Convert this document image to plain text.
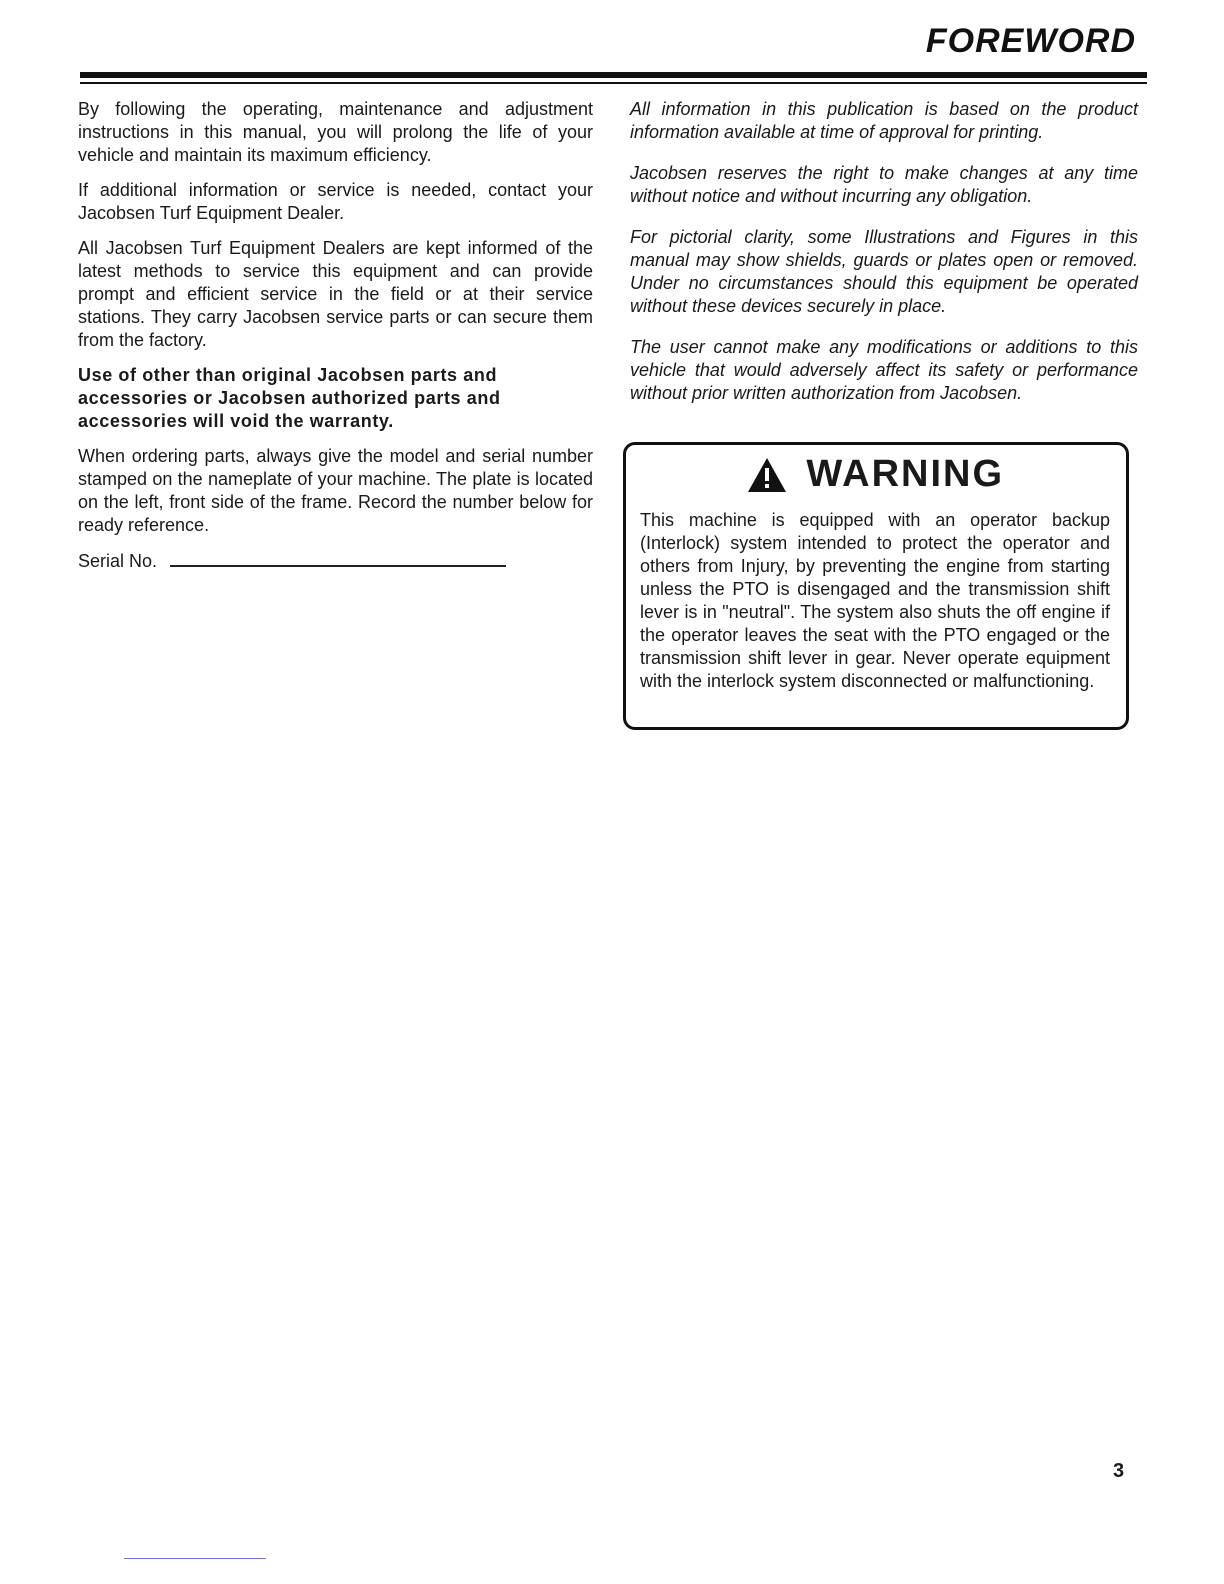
FOREWORD

By following the operating, maintenance and adjustment instructions in this manual, you will prolong the life of your vehicle and maintain its maximum efficiency.

If additional information or service is needed, contact your Jacobsen Turf Equipment Dealer.

All Jacobsen Turf Equipment Dealers are kept informed of the latest methods to service this equipment and can provide prompt and efficient service in the field or at their service stations. They carry Jacobsen service parts or can secure them from the factory.

Use of other than original Jacobsen parts and accessories or Jacobsen authorized parts and accessories will void the warranty.

When ordering parts, always give the model and serial number stamped on the nameplate of your machine. The plate is located on the left, front side of the frame. Record the number below for ready reference.

Serial No.

All information in this publication is based on the product information available at time of approval for printing.

Jacobsen reserves the right to make changes at any time without notice and without incurring any obligation.

For pictorial clarity, some Illustrations and Figures in this manual may show shields, guards or plates open or removed. Under no circumstances should this equipment be operated without these devices securely in place.

The user cannot make any modifications or additions to this vehicle that would adversely affect its safety or performance without prior written authorization from Jacobsen.

WARNING

This machine is equipped with an operator backup (Interlock) system intended to protect the operator and others from Injury, by preventing the engine from starting unless the PTO is disengaged and the transmission shift lever is in "neutral". The system also shuts the off engine if the operator leaves the seat with the PTO engaged or the transmission shift lever in gear. Never operate equipment with the interlock system disconnected or malfunctioning.

3
